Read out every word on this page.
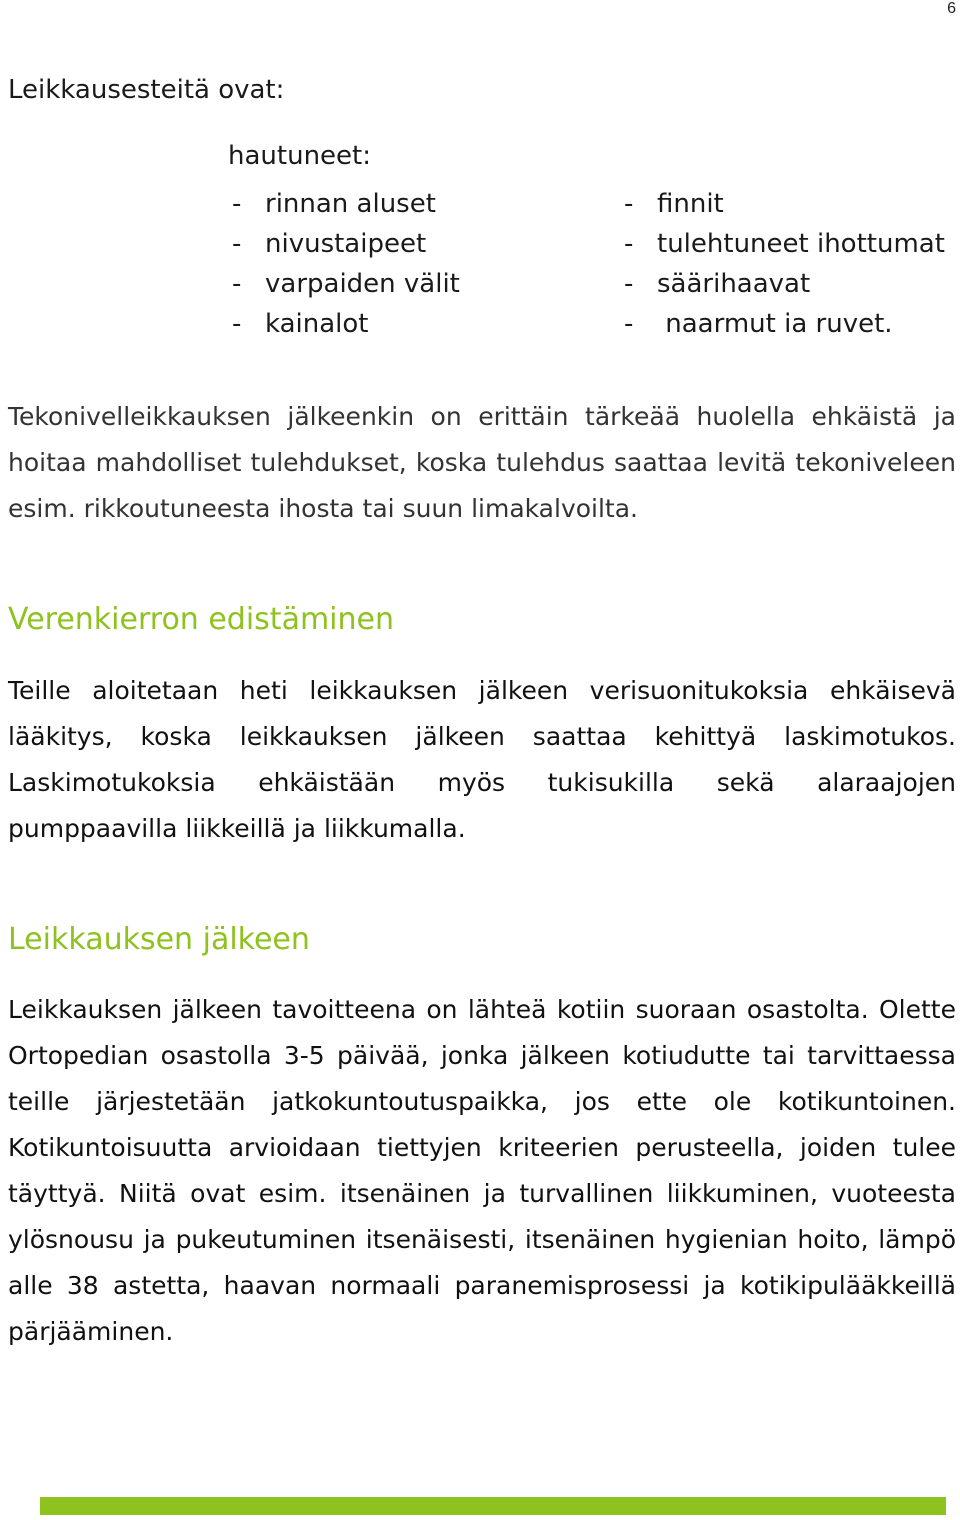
6
Leikkausesteitä ovat:
hautuneet:
- rinnan aluset
- nivustaipeet
- varpaiden välit
- kainalot
- finnit
- tulehtuneet ihottumat
- säärihaavat
- naarmut ia ruvet.
Tekonivelleikkauksen jälkeenkin on erittäin tärkeää huolella ehkäistä ja hoitaa mahdolliset tulehdukset, koska tulehdus saattaa levitä tekoniveleen esim. rikkoutuneesta ihosta tai suun limakalvoilta.
Verenkierron edistäminen
Teille aloitetaan heti leikkauksen jälkeen verisuonitukoksia ehkäisevä lääkitys, koska leikkauksen jälkeen saattaa kehittyä laskimotukos. Laskimotukoksia ehkäistään myös tukisukilla sekä alaraajojen pumppaavilla liikkeillä ja liikkumalla.
Leikkauksen jälkeen
Leikkauksen jälkeen tavoitteena on lähteä kotiin suoraan osastolta. Olette Ortopedian osastolla 3-5 päivää, jonka jälkeen kotiudutte tai tarvittaessa teille järjestetään jatkokuntoutuspaikka, jos ette ole kotikuntoinen. Kotikuntoisuutta arvioidaan tiettyjen kriteerien perusteella, joiden tulee täyttyä. Niitä ovat esim. itsenäinen ja turvallinen liikkuminen, vuoteesta ylösnousu ja pukeutuminen itsenäisesti, itsenäinen hygienian hoito, lämpö alle 38 astetta, haavan normaali paranemisprosessi ja kotikipulääkkeillä pärjääminen.
